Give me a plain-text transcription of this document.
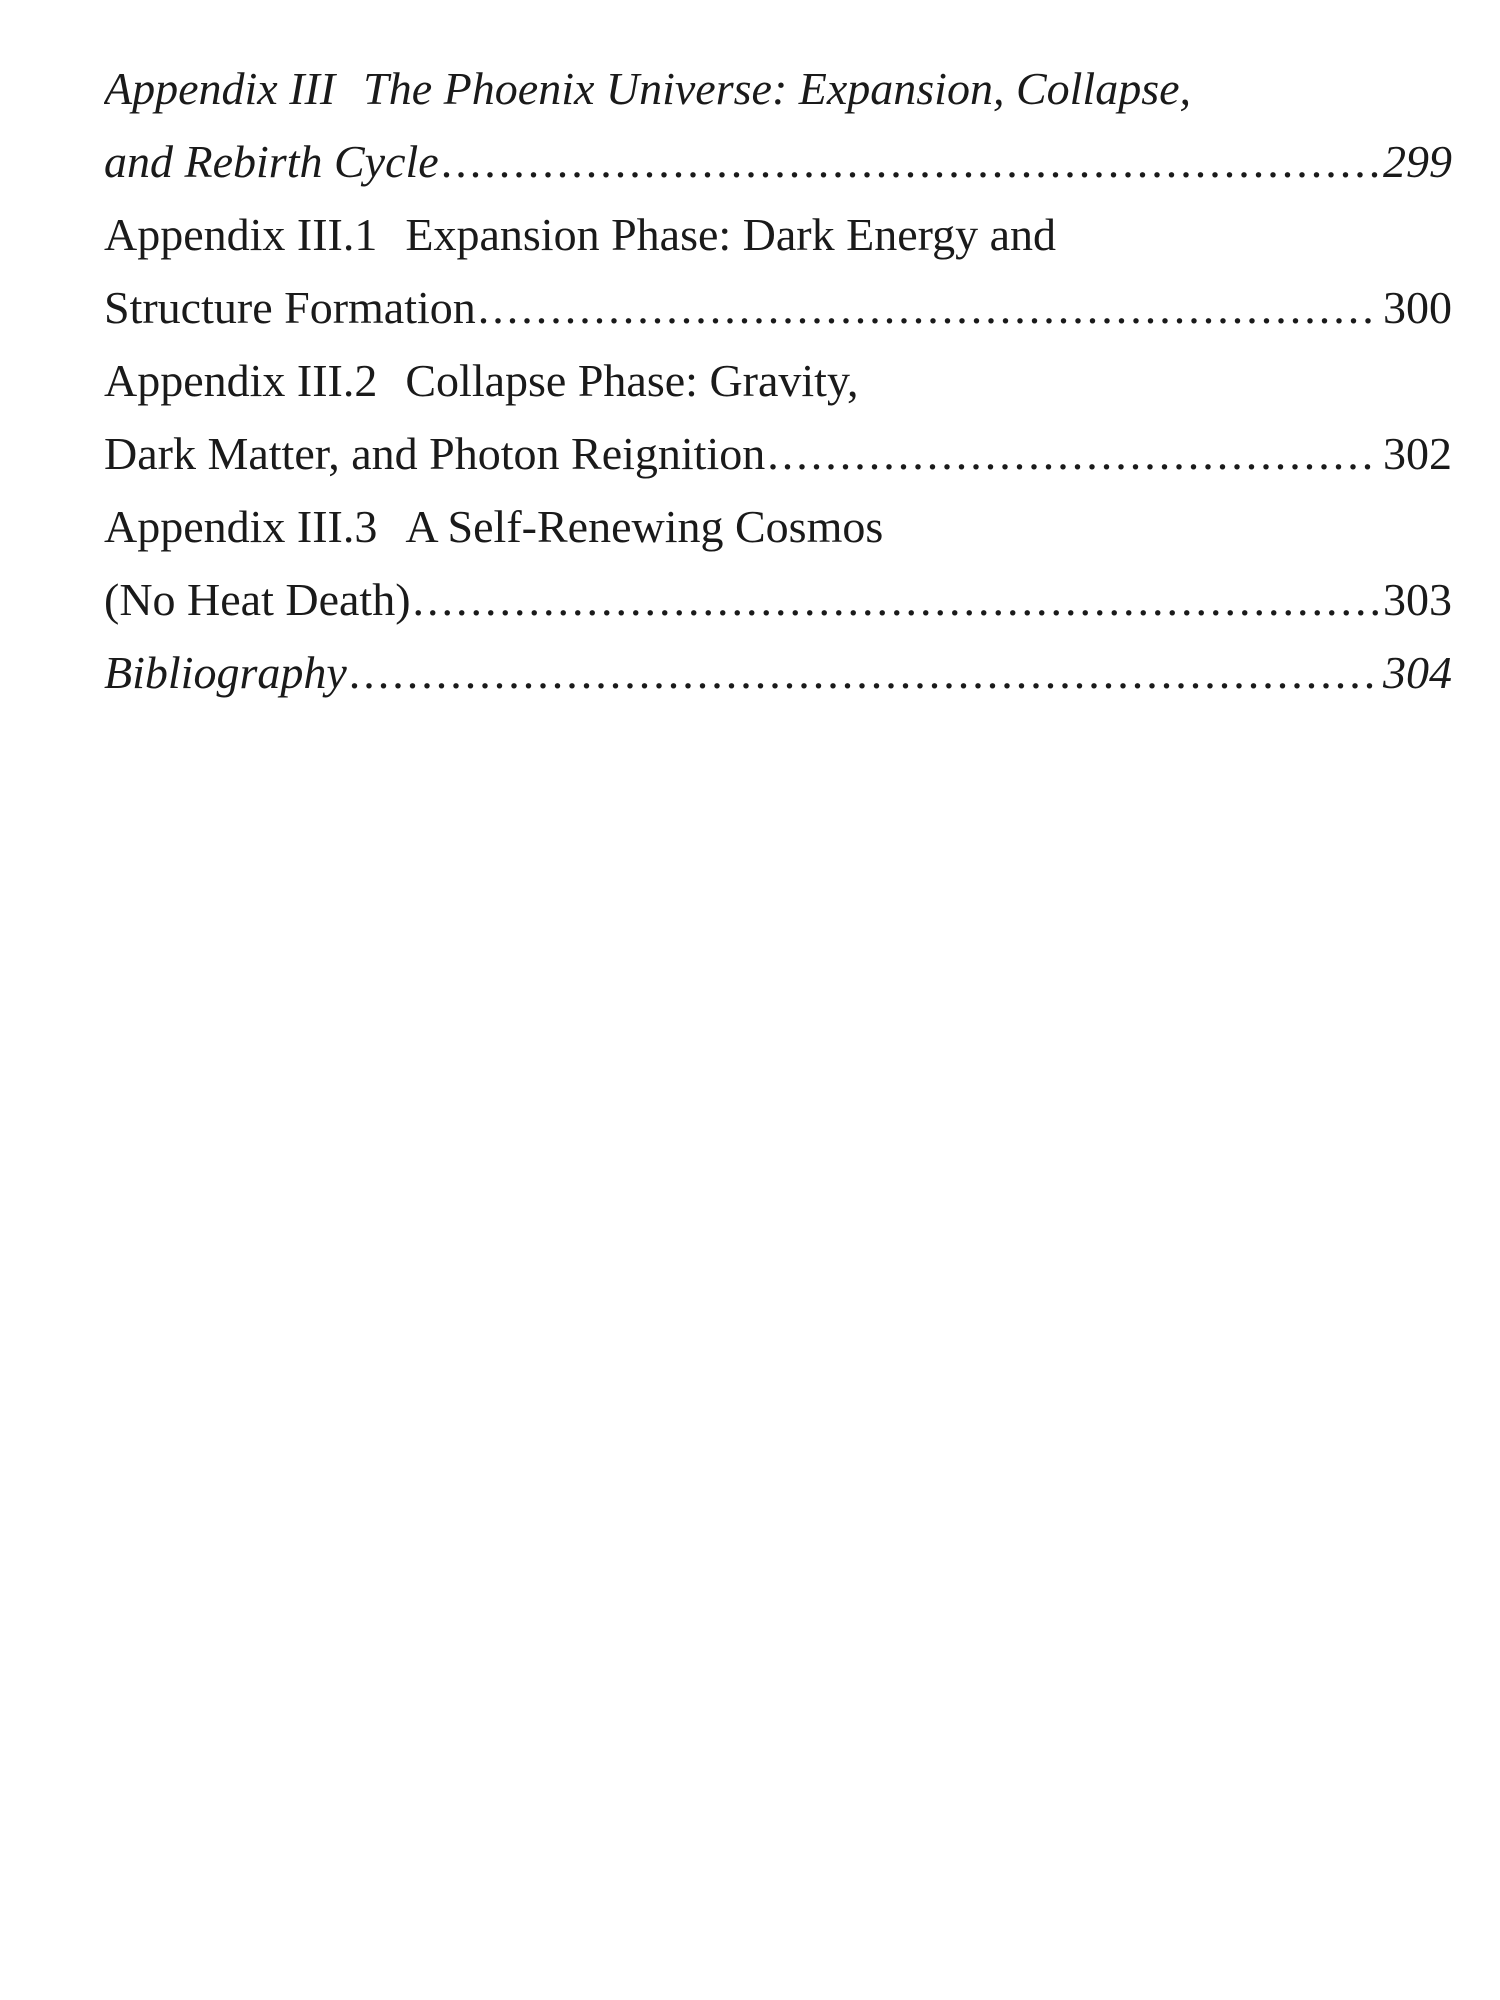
Appendix III The Phoenix Universe: Expansion, Collapse,
and Rebirth Cycle .....	299
Appendix III.1 Expansion Phase: Dark Energy and
Structure Formation .....	300
Appendix III.2 Collapse Phase: Gravity,
Dark Matter, and Photon Reignition .....	302
Appendix III.3 A Self-Renewing Cosmos
(No Heat Death) .....	303
Bibliography .....	304
